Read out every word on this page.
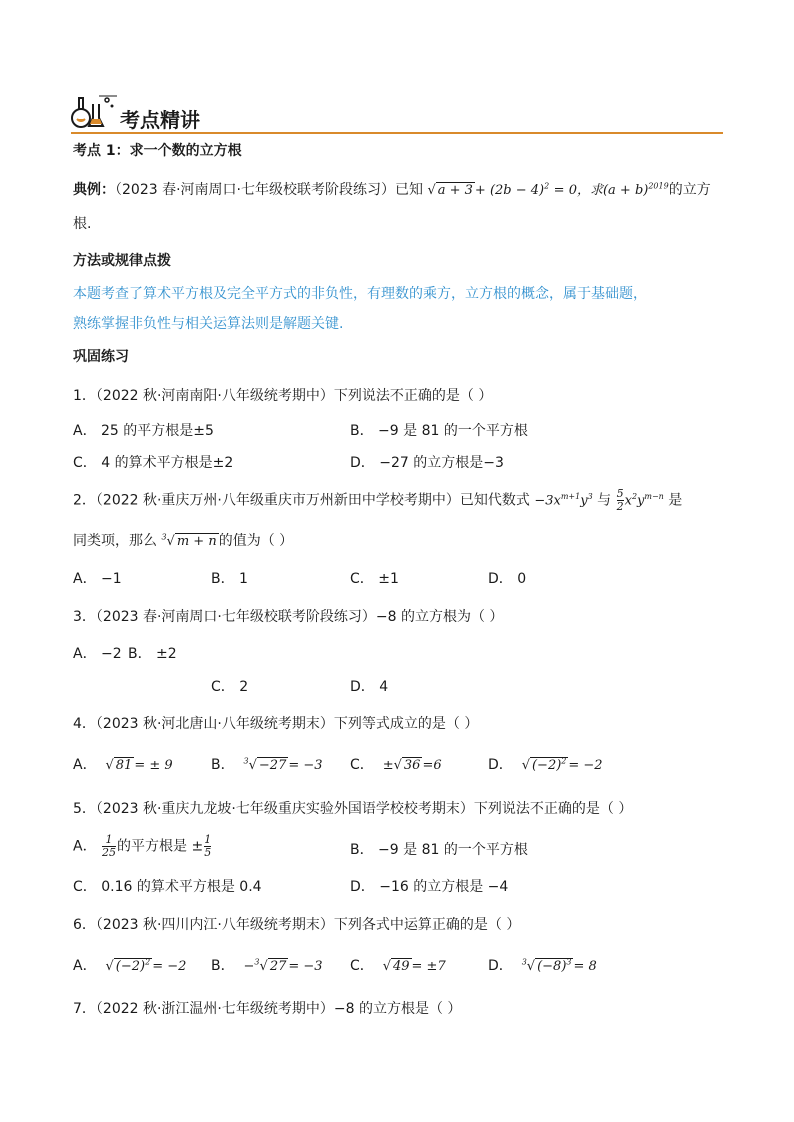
考点精讲
考点 1：求一个数的立方根
典例：（2023 春·河南周口·七年级校联考阶段练习）已知 √ $a + 3 + (2b - 4)^2 = 0$，求$(a + b)^{2019}$的立方
根.
方法或规律点拨
本题考查了算术平方根及完全平方式的非负性，有理数的乘方，立方根的概念，属于基础题，
熟练掌握非负性与相关运算法则是解题关键.
巩固练习
1．（2022 秋·河南南阳·八年级统考期中）下列说法不正确的是（ ）
A． 25 的平方根是±5	B． −9 是 81 的一个平方根
C． 4 的算术平方根是±2	D． −27 的立方根是−3
2．（2022 秋·重庆万州·八年级重庆市万州新田中学校考期中）已知代数式 $-3x^{m+1}y^3$ 与 $\frac{5}{2} x^2y^{m-n}$ 是
同类项，那么 $^3$√ m + n 的值为（ ）
A． −1	B． 1	C． ±1	D． 0
3．（2023 春·河南周口·七年级校联考阶段练习）−8 的立方根为（ ）
A． −2 B． ±2
C． 2	D． 4
4．（2023 秋·河北唐山·八年级统考期末）下列等式成立的是（ ）
A． √ 81 = ± 9	B． $^3$√ −27 = −3 C． ±√ 36 =6	D． √ $(-2)^2 = -2$
5．（2023 秋·重庆九龙坡·七年级重庆实验外国语学校校考期末）下列说法不正确的是（ ）
A． $\frac{1}{25}$ 的平方根是 ± $\frac{1}{5}$	B． −9 是 81 的一个平方根
C． 0.16 的算术平方根是 0.4	D． −16 的立方根是 −4
6．（2023 秋·四川内江·八年级统考期末）下列各式中运算正确的是（ ）
A． √ $(-2)^2 = -2$ B． −$^3$√ 27 = −3 C． √ 49 = ±7	D． $^3$√ $(-8)^3 = 8$
7．（2022 秋·浙江温州·七年级统考期中）−8 的立方根是（ ）
